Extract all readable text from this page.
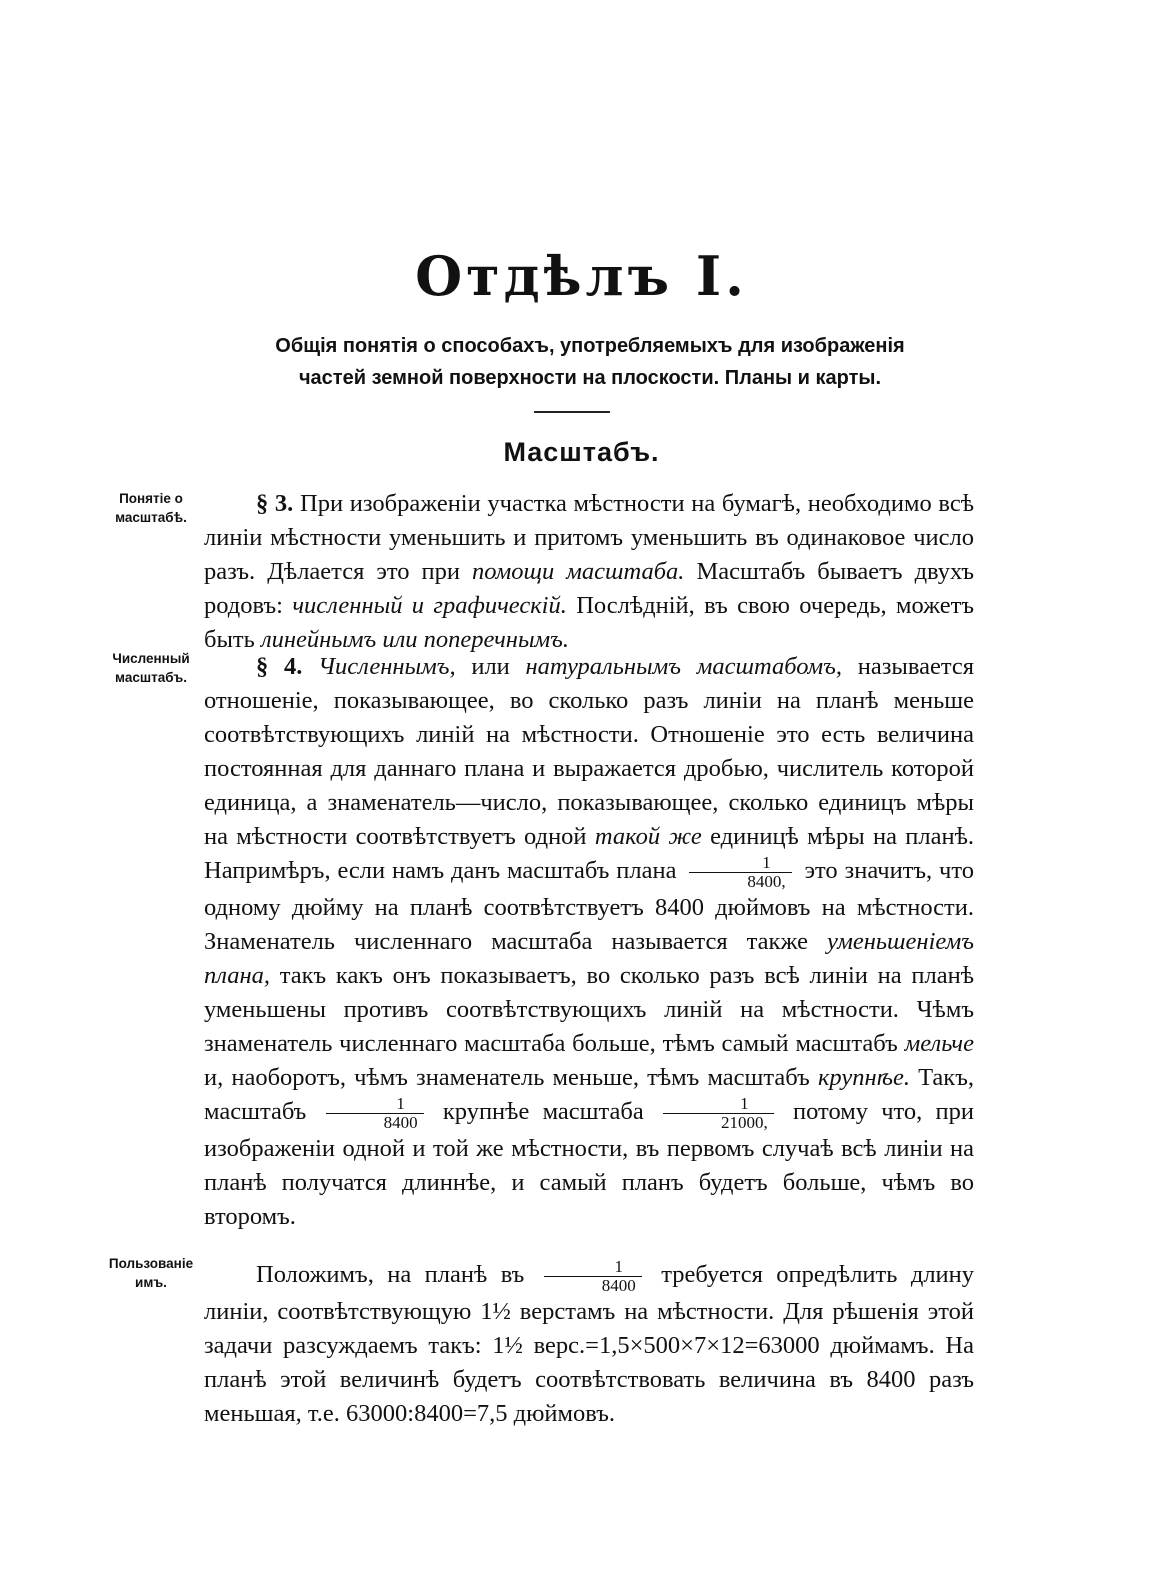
Отдѣлъ I.
Общія понятія о способахъ, употребляемыхъ для изображенія
частей земной поверхности на плоскости. Планы и карты.
Масштабъ.
Понятіе о
масштабѣ.
Численный
масштабъ.
Пользованіе
имъ.

§ 3. При изображеніи участка мѣстности на бумагѣ, необходимо всѣ линіи мѣстности уменьшить и притомъ уменьшить въ одинаковое число разъ. Дѣлается это при помощи масштаба. Масштабъ бываетъ двухъ родовъ: численный и графическій. Послѣдній, въ свою очередь, можетъ быть линейнымъ или поперечнымъ.

§ 4. Численнымъ, или натуральнымъ масштабомъ, называется отношеніе, показывающее, во сколько разъ линіи на планѣ меньше соотвѣтствующихъ линій на мѣстности. Отношеніе это есть величина постоянная для даннаго плана и выражается дробью, числитель которой единица, а знаменатель—число, показывающее, сколько единицъ мѣры на мѣстности соотвѣтствуетъ одной такой же единицѣ мѣры на планѣ. Напримѣръ, если намъ данъ масштабъ плана $\frac{1}{8400,}$ это значитъ, что одному дюйму на планѣ соотвѣтствуетъ 8400 дюймовъ на мѣстности. Знаменатель численнаго масштаба называется также уменьшеніемъ плана, такъ какъ онъ показываетъ, во сколько разъ всѣ линіи на планѣ уменьшены противъ соотвѣтствующихъ линій на мѣстности. Чѣмъ знаменатель численнаго масштаба больше, тѣмъ самый масштабъ мельче и, наоборотъ, чѣмъ знаменатель меньше, тѣмъ масштабъ крупнѣе. Такъ, масштабъ $\frac{1}{8400}$ крупнѣе масштаба $\frac{1}{21000,}$ потому что, при изображеніи одной и той же мѣстности, въ первомъ случаѣ всѣ линіи на планѣ получатся длиннѣе, и самый планъ будетъ больше, чѣмъ во второмъ.

Положимъ, на планѣ въ $\frac{1}{8400}$ требуется опредѣлить длину линіи, соотвѣтствующую 1½ верстамъ на мѣстности. Для рѣшенія этой задачи разсуждаемъ такъ: 1½ верс.=1,5×500×7×12=63000 дюймамъ. На планѣ этой величинѣ будетъ соотвѣтствовать величина въ 8400 разъ меньшая, т.е. 63000:8400=7,5 дюймовъ.
